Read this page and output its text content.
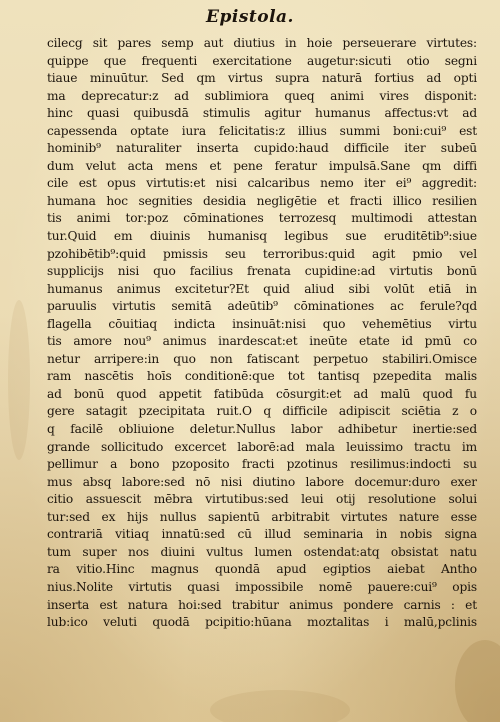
Epistola.
cilecg sit pares semp aut diutius in hoie perseuerare virtutes:
quippe que frequenti exercitatione augetur:sicuti otio segni
tiaue minuūtur. Sed qm virtus supra naturā fortius ad opti
ma deprecatur:z ad sublimiora queq animi vires disponit:
hinc quasi quibusdā stimulis agitur humanus affectus:vt ad
capessenda optate iura felicitatis:z illius summi boni:cui⁹ est
hominib⁹ naturaliter inserta cupido:haud difficile iter subeū
dum velut acta mens et pene feratur impulsā.Sane qm diffi
cile est opus virtutis:et nisi calcaribus nemo iter ei⁹ aggredit:
humana hoc segnities desidia negligētie et fracti illico resilien
tis animi tor:poz cōminationes terrozesq multimodi attestan
tur.Quid em diuinis humanisq legibus sue eruditētib⁹:siue
pzohibētib⁹:quid pmissis seu terroribus:quid agit pmio vel
supplicijs nisi quo facilius frenata cupidine:ad virtutis bonū
humanus animus excitetur?Et quid aliud sibi volūt etiā in
paruulis virtutis semitā adeūtib⁹ cōminationes ac ferule?qd
flagella cōuitiaq indicta insinuāt:nisi quo vehemētius virtu
tis amore nou⁹ animus inardescat:et ineūte etate id pmū co
netur arripere:in quo non fatiscant perpetuo stabiliri.Omisce
ram nascētis hoīs conditionē:que tot tantisq pzepedita malis
ad bonū quod appetit fatibūda cōsurgit:et ad malū quod fu
gere satagit pzecipitata ruit.O q difficile adipiscit sciētia z o
q facilē obliuione deletur.Nullus labor adhibetur inertie:sed
grande sollicitudo excercet laborē:ad mala leuissimo tractu im
pellimur a bono pzoposito fracti pzotinus resilimus:indocti su
mus absq labore:sed nō nisi diutino labore docemur:duro exer
citio assuescit mēbra virtutibus:sed leui otij resolutione solui
tur:sed ex hijs nullus sapientū arbitrabit virtutes nature esse
contrariā vitiaq innatū:sed cū illud seminaria in nobis signa
tum super nos diuini vultus lumen ostendat:atq obsistat natu
ra vitio.Hinc magnus quondā apud egiptios aiebat Antho
nius.Nolite virtutis quasi impossibile nomē pauere:cui⁹ opis
inserta est natura hoi:sed trabitur animus pondere carnis : et
lub:ico veluti quodā pcipitio:hūana moztalitas i malū,pclinis
